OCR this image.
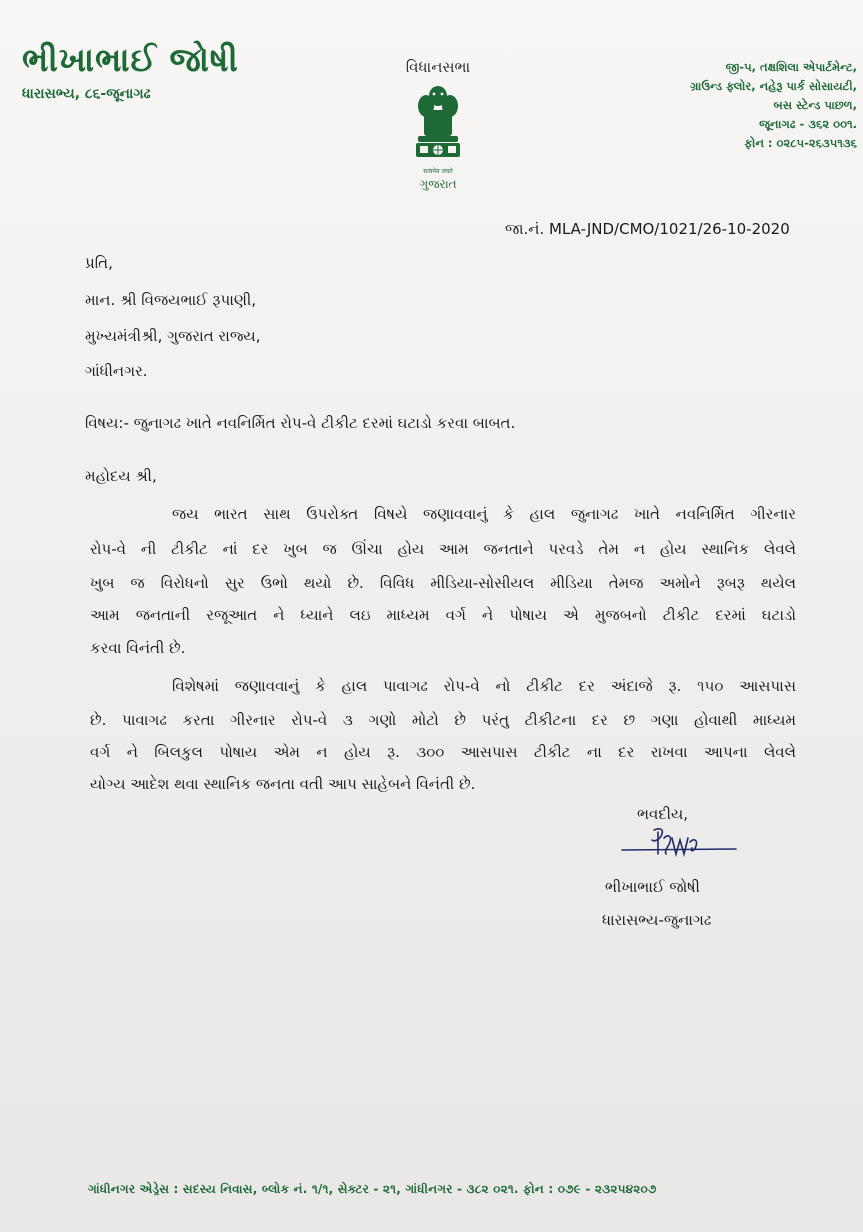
ભીખાભાઈ જોષી
ધારાસભ્ય, ૮૬-જૂનાગઢ
વિધાનસભા
सत्यमेव जयते
ગુજરાત
જી-૫, તક્ષશિલા એપાર્ટમેન્ટ,
ગ્રાઉન્ડ ફ્લોર, નહેરૂ પાર્ક સોસાયટી,
બસ સ્ટેન્ડ પાછળ,
જૂનાગઢ - ૩૬૨ ૦૦૧.
ફોન : ૦૨૮૫-૨૬૩૫૧૩૬
જા.નં. MLA-JND/CMO/1021/26-10-2020
પ્રતિ,
માન. શ્રી વિજયભાઈ રૂપાણી,
મુખ્યમંત્રીશ્રી, ગુજરાત રાજ્ય,
ગાંધીનગર.
વિષય:- જુનાગઢ ખાતે નવનિર્મિત રોપ-વે ટીકીટ દરમાં ઘટાડો કરવા બાબત.
મહોદય શ્રી,
જય ભારત સાથ ઉપરોક્ત વિષયે જણાવવાનું કે હાલ જુનાગઢ ખાતે નવનિર્મિત ગીરનાર
રોપ-વે ની ટીકીટ નાં દર ખુબ જ ઊંચા હોય આમ જનતાને પરવડે તેમ ન હોય સ્થાનિક લેવલે
ખુબ જ વિરોધનો સુર ઉભો થયો છે. વિવિધ મીડિયા-સોસીયલ મીડિયા તેમજ અમોને રૂબરૂ થયેલ
આમ જનતાની રજૂઆત ને ધ્યાને લઇ માધ્યમ વર્ગ ને પોષાય એ મુજબનો ટીકીટ દરમાં ઘટાડો
કરવા વિનંતી છે.
વિશેષમાં જણાવવાનું કે હાલ પાવાગઢ રોપ-વે નો ટીકીટ દર અંદાજે રૂ. ૧૫૦ આસપાસ
છે. પાવાગઢ કરતા ગીરનાર રોપ-વે ૩ ગણો મોટો છે પરંતુ ટીકીટના દર છ ગણા હોવાથી માધ્યમ
વર્ગ ને બિલકુલ પોષાય એમ ન હોય રૂ. ૩૦૦ આસપાસ ટીકીટ ના દર રાખવા આપના લેવલે
યોગ્ય આદેશ થવા સ્થાનિક જનતા વતી આપ સાહેબને વિનંતી છે.
ભવદીય,
ભીખાભાઈ જોષી
ધારાસભ્ય-જુનાગઢ
ગાંધીનગર એડ્રેસ : સદસ્ય નિવાસ, બ્લોક નં. ૧/૧, સેક્ટર - ૨૧, ગાંધીનગર - ૩૮૨ ૦૨૧. ફોન : ૦૭૯ - ૨૩૨૫૪૨૦૭
